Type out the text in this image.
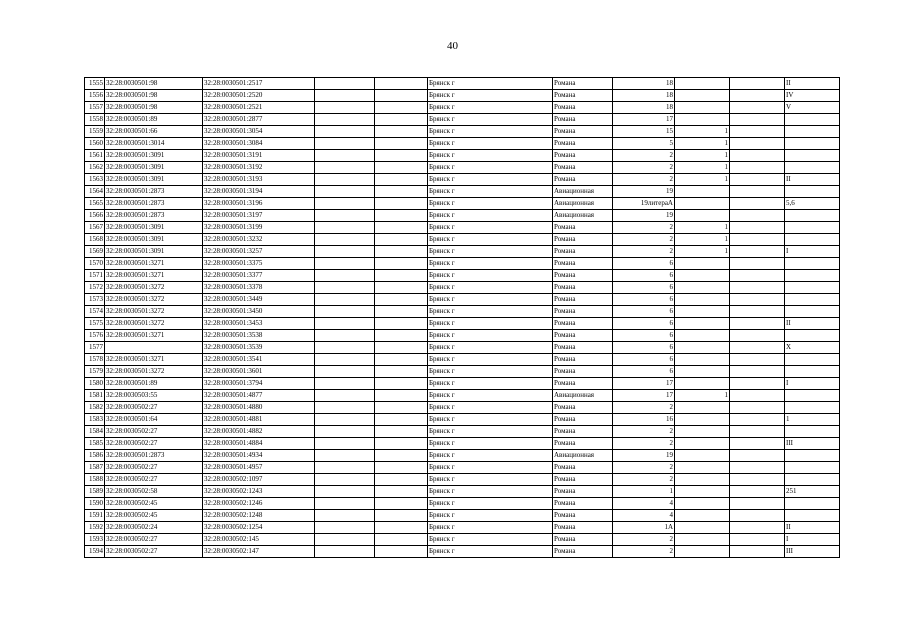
40
1555	32:28:0030501:98	32:28:0030501:2517			Брянск г	Романа	18			II
1556	32:28:0030501:98	32:28:0030501:2520			Брянск г	Романа	18			IV
1557	32:28:0030501:98	32:28:0030501:2521			Брянск г	Романа	18			V
1558	32:28:0030501:89	32:28:0030501:2877			Брянск г	Романа	17			
1559	32:28:0030501:66	32:28:0030501:3054			Брянск г	Романа	15	1		
1560	32:28:0030501:3014	32:28:0030501:3084			Брянск г	Романа	5	1		
1561	32:28:0030501:3091	32:28:0030501:3191			Брянск г	Романа	2	1		
1562	32:28:0030501:3091	32:28:0030501:3192			Брянск г	Романа	2	1		
1563	32:28:0030501:3091	32:28:0030501:3193			Брянск г	Романа	2	1		II
1564	32:28:0030501:2873	32:28:0030501:3194			Брянск г	Авиационная	19			
1565	32:28:0030501:2873	32:28:0030501:3196			Брянск г	Авиационная	19литераА			5,6
1566	32:28:0030501:2873	32:28:0030501:3197			Брянск г	Авиационная	19			
1567	32:28:0030501:3091	32:28:0030501:3199			Брянск г	Романа	2	1		
1568	32:28:0030501:3091	32:28:0030501:3232			Брянск г	Романа	2	1		
1569	32:28:0030501:3091	32:28:0030501:3257			Брянск г	Романа	2	1		I
1570	32:28:0030501:3271	32:28:0030501:3375			Брянск г	Романа	6			
1571	32:28:0030501:3271	32:28:0030501:3377			Брянск г	Романа	6			
1572	32:28:0030501:3272	32:28:0030501:3378			Брянск г	Романа	6			
1573	32:28:0030501:3272	32:28:0030501:3449			Брянск г	Романа	6			
1574	32:28:0030501:3272	32:28:0030501:3450			Брянск г	Романа	6			
1575	32:28:0030501:3272	32:28:0030501:3453			Брянск г	Романа	6			II
1576	32:28:0030501:3271	32:28:0030501:3538			Брянск г	Романа	6			
1577		32:28:0030501:3539			Брянск г	Романа	6			X
1578	32:28:0030501:3271	32:28:0030501:3541			Брянск г	Романа	6			
1579	32:28:0030501:3272	32:28:0030501:3601			Брянск г	Романа	6			
1580	32:28:0030501:89	32:28:0030501:3794			Брянск г	Романа	17			I
1581	32:28:0030503:55	32:28:0030501:4877			Брянск г	Авиационная	17	1		
1582	32:28:0030502:27	32:28:0030501:4880			Брянск г	Романа	2			
1583	32:28:0030501:64	32:28:0030501:4881			Брянск г	Романа	16			1
1584	32:28:0030502:27	32:28:0030501:4882			Брянск г	Романа	2			
1585	32:28:0030502:27	32:28:0030501:4884			Брянск г	Романа	2			III
1586	32:28:0030501:2873	32:28:0030501:4934			Брянск г	Авиационная	19			
1587	32:28:0030502:27	32:28:0030501:4957			Брянск г	Романа	2			
1588	32:28:0030502:27	32:28:0030502:1097			Брянск г	Романа	2			
1589	32:28:0030502:58	32:28:0030502:1243			Брянск г	Романа	1			251
1590	32:28:0030502:45	32:28:0030502:1246			Брянск г	Романа	4			
1591	32:28:0030502:45	32:28:0030502:1248			Брянск г	Романа	4			
1592	32:28:0030502:24	32:28:0030502:1254			Брянск г	Романа	1А			II
1593	32:28:0030502:27	32:28:0030502:145			Брянск г	Романа	2			I
1594	32:28:0030502:27	32:28:0030502:147			Брянск г	Романа	2			III
